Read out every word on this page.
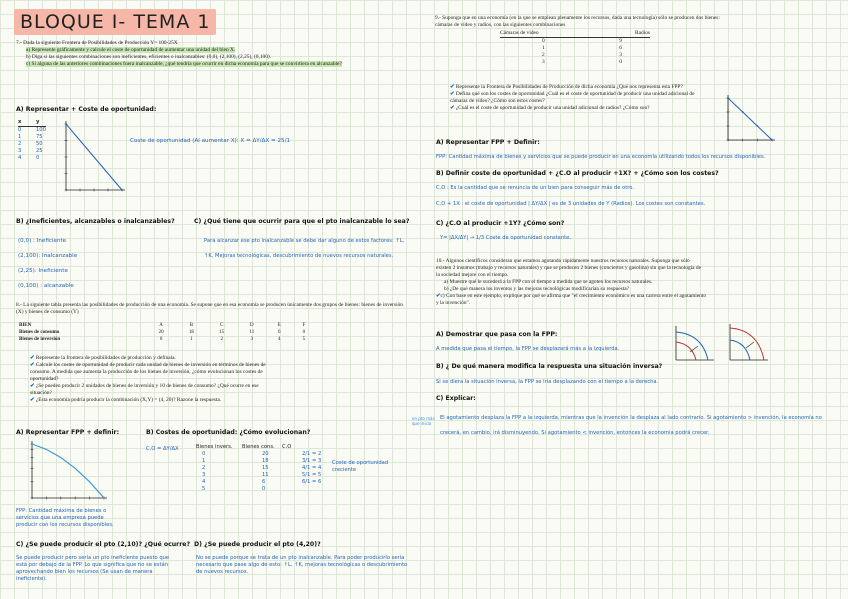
BLOQUE I- TEMA 1
7.- Dada la siguiente Frontera de Posibilidades de Producción Y= 100-25X
a) Represente gráficamente y calcule el coste de oportunidad de aumentar una unidad del bien X.
b) Diga si las siguientes combinaciones son ineficientes, eficientes o inalcanzables: (0,0), (2,100), (2,25), (0,100).
c) Si alguna de las anteriores combinaciones fuera inalcanzable, ¿qué tendría que ocurrir en dicha economía para que se convirtiera en alcanzable?
A) Representar + Coste de oportunidad:
x	y
0	100
1	75
2	50
3	25
4	0
Coste de oportunidad (Al aumentar X): X = ΔY/ΔX = 25/1
B) ¿Ineficientes, alcanzables o inalcanzables?
(0,0) : Ineficiente
(2,100): Inalcanzable
(2,25): Ineficiente
(0,100) : alcanzable
C) ¿Qué tiene que ocurrir para que el pto inalcanzable lo sea?
Para alcanzar ese pto inalcanzable se debe dar alguno de estos factores: ↑L, ↑K, Mejoras tecnológicas, descubrimiento de nuevos recursos naturales.
8.- La siguiente tabla presenta las posibilidades de producción de una economía. Se supone que en esa economía se producen únicamente dos grupos de bienes: bienes de inversión (X) y bienes de consumo (Y)
BIEN	A	B	C	D	E	F
Bienes de consumo	20	18	15	11	6	0
Bienes de inversión	0	1	2	3	4	5
✔ Represente la frontera de posibilidades de producción y defínala.
✔ Calcule los costes de oportunidad de producir cada unidad de bienes de inversión en términos de bienes de consumo. A medida que aumenta la producción de los bienes de inversión, ¿cómo evolucionan los costes de oportunidad?
✔ ¿Se pueden producir 2 unidades de bienes de inversión y 10 de bienes de consumo? ¿Qué ocurre en ese situación?
✔ ¿Esta economía podría producir la combinación (X,Y) = (4, 20)? Razone la respuesta.
A) Representar FPP + definir:
FPP: Cantidad máxima de bienes o servicios que una empresa puede producir con los recursos disponibles.
B) Costes de oportunidad: ¿Cómo evolucionan?
C.O = ΔY/ΔX	Bienes invers.	Bienes cons.	C.O
0	20	2/1 = 2
1	18	3/1 = 3
2	15	4/1 = 4
3	11	5/1 = 5
4	6	6/1 = 6
5	0
Coste de oportunidad creciente
C) ¿Se puede producir el pto (2,10)? ¿Qué ocurre?
Se puede producir pero sería un pto ineficiente puesto que está por debajo de la FPP. Lo que significa que no se están aprovechando bien los recursos (Se usan de manera ineficiente).
D) ¿Se puede producir el pto (4,20)?
No se puede porque se trata de un pto inalcanzable. Para poder producirlo sería necesario que pase algo de esto: ↑L, ↑K, mejoras tecnológicas o descubrimiento de nuevos recursos.
9.- Suponga que en una economía (en la que se emplean plenamente los recursos, dada una tecnología) sólo se producen dos bienes: cámaras de vídeo y radios, con las siguientes combinaciones
Cámaras de vídeo	Radios
0	9
1	6
2	3
3	0
✔ Represente la Frontera de Posibilidades de Producción de dicha economía ¿Qué nos representa esta FPP?
✔ Defina qué son los costes de oportunidad ¿Cuál es el coste de oportunidad de producir una unidad adicional de cámaras de vídeo? ¿Cómo son estos costes?
✔ ¿Cuál es el coste de oportunidad de producir una unidad adicional de radios? ¿Cómo son?
A) Representar FPP + Definir:
FPP: Cantidad máxima de bienes y servicios que se puede producir en una economía utilizando todos los recursos disponibles.
B) Definir coste de oportunidad + ¿C.O al producir +1X? + ¿Cómo son los costes?
C.O : Es la cantidad que se renuncia de un bien para conseguir más de otro.
C.O + 1X : el coste de oportunidad | ΔY/ΔX | es de 3 unidades de Y (Radios). Los costes son constantes.
C) ¿C.O al producir +1Y? ¿Cómo son?
Y= |ΔX/ΔY| → 1/3 Coste de oportunidad constante.
10.- Algunos científicos consideran que estamos agotando rápidamente nuestros recursos naturales. Suponga que sólo existen 2 insumos (trabajo y recursos naturales) y que se producen 2 bienes (conciertos y gasolina) sin que la tecnología de la sociedad mejore con el tiempo.
a) Muestre qué le sucederá a la FPP con el tiempo a medida que se agoten los recursos naturales.
b) ¿De qué manera los inventos y las mejoras tecnológicas modificarían su respuesta?
✔c) Con base en este ejemplo, explique por qué se afirma que "el crecimiento económico es una carrera entre el agotamiento y la invención".
A) Demostrar que pasa con la FPP:
A medida que pasa el tiempo, la FPP se desplazará más a la izquierda.
B) ¿ De qué manera modifica la respuesta una situación inversa?
Si se diera la situación inversa, la FPP se iría desplazando con el tiempo a la derecha.
C) Explicar:
en pto más que inicio
El agotamiento desplaza la FPP a la izquierda, mientras que la invención la desplaza al lado contrario. Si agotamiento > invención, la economía no crecerá, en cambio, irá disminuyendo. Si agotamiento < invención, entonces la economía podrá crecer.
